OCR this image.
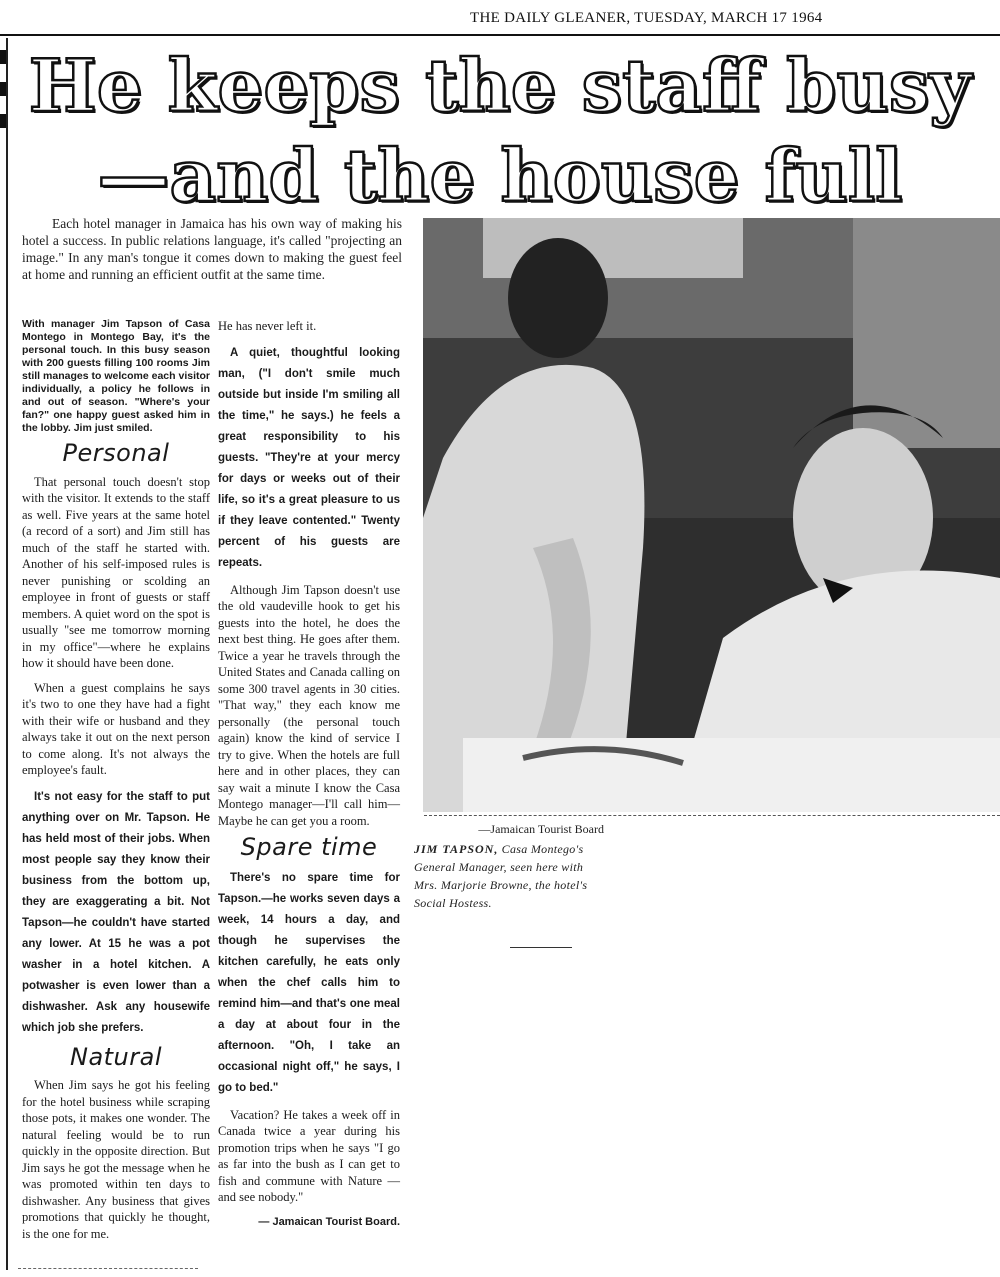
THE DAILY GLEANER, TUESDAY, MARCH 17 1964
He keeps the staff busy
—and the house full

Each hotel manager in Jamaica has his own way of making his hotel a success. In public relations language, it's called "projecting an image." In any man's tongue it comes down to making the guest feel at home and running an efficient outfit at the same time.

With manager Jim Tapson of Casa Montego in Montego Bay, it's the personal touch. In this busy season with 200 guests filling 100 rooms Jim still manages to welcome each visitor individually, a policy he follows in and out of season. "Where's your fan?" one happy guest asked him in the lobby. Jim just smiled.

Personal

That personal touch doesn't stop with the visitor. It extends to the staff as well. Five years at the same hotel (a record of a sort) and Jim still has much of the staff he started with. Another of his self-imposed rules is never punishing or scolding an employee in front of guests or staff members. A quiet word on the spot is usually "see me tomorrow morning in my office"—where he explains how it should have been done.

When a guest complains he says it's two to one they have had a fight with their wife or husband and they always take it out on the next person to come along. It's not always the employee's fault.

It's not easy for the staff to put anything over on Mr. Tapson. He has held most of their jobs. When most people say they know their business from the bottom up, they are exaggerating a bit. Not Tapson—he couldn't have started any lower. At 15 he was a pot washer in a hotel kitchen. A potwasher is even lower than a dishwasher. Ask any housewife which job she prefers.

Natural

When Jim says he got his feeling for the hotel business while scraping those pots, it makes one wonder. The natural feeling would be to run quickly in the opposite direction. But Jim says he got the message when he was promoted within ten days to dishwasher. Any business that gives promotions that quickly he thought, is the one for me.

He has never left it.

A quiet, thoughtful looking man, ("I don't smile much outside but inside I'm smiling all the time," he says.) he feels a great responsibility to his guests. "They're at your mercy for days or weeks out of their life, so it's a great pleasure to us if they leave contented." Twenty percent of his guests are repeats.

Although Jim Tapson doesn't use the old vaudeville hook to get his guests into the hotel, he does the next best thing. He goes after them. Twice a year he travels through the United States and Canada calling on some 300 travel agents in 30 cities. "That way," they each know me personally (the personal touch again) know the kind of service I try to give. When the hotels are full here and in other places, they can say wait a minute I know the Casa Montego manager—I'll call him—Maybe he can get you a room.

Spare time

There's no spare time for Tapson.—he works seven days a week, 14 hours a day, and though he supervises the kitchen carefully, he eats only when the chef calls him to remind him—and that's one meal a day at about four in the afternoon. "Oh, I take an occasional night off," he says, I go to bed."

Vacation? He takes a week off in Canada twice a year during his promotion trips when he says "I go as far into the bush as I can get to fish and commune with Nature —and see nobody."

— Jamaican Tourist Board.
—Jamaican Tourist Board
JIM TAPSON, Casa Montego's General Manager, seen here with Mrs. Marjorie Browne, the hotel's Social Hostess.
